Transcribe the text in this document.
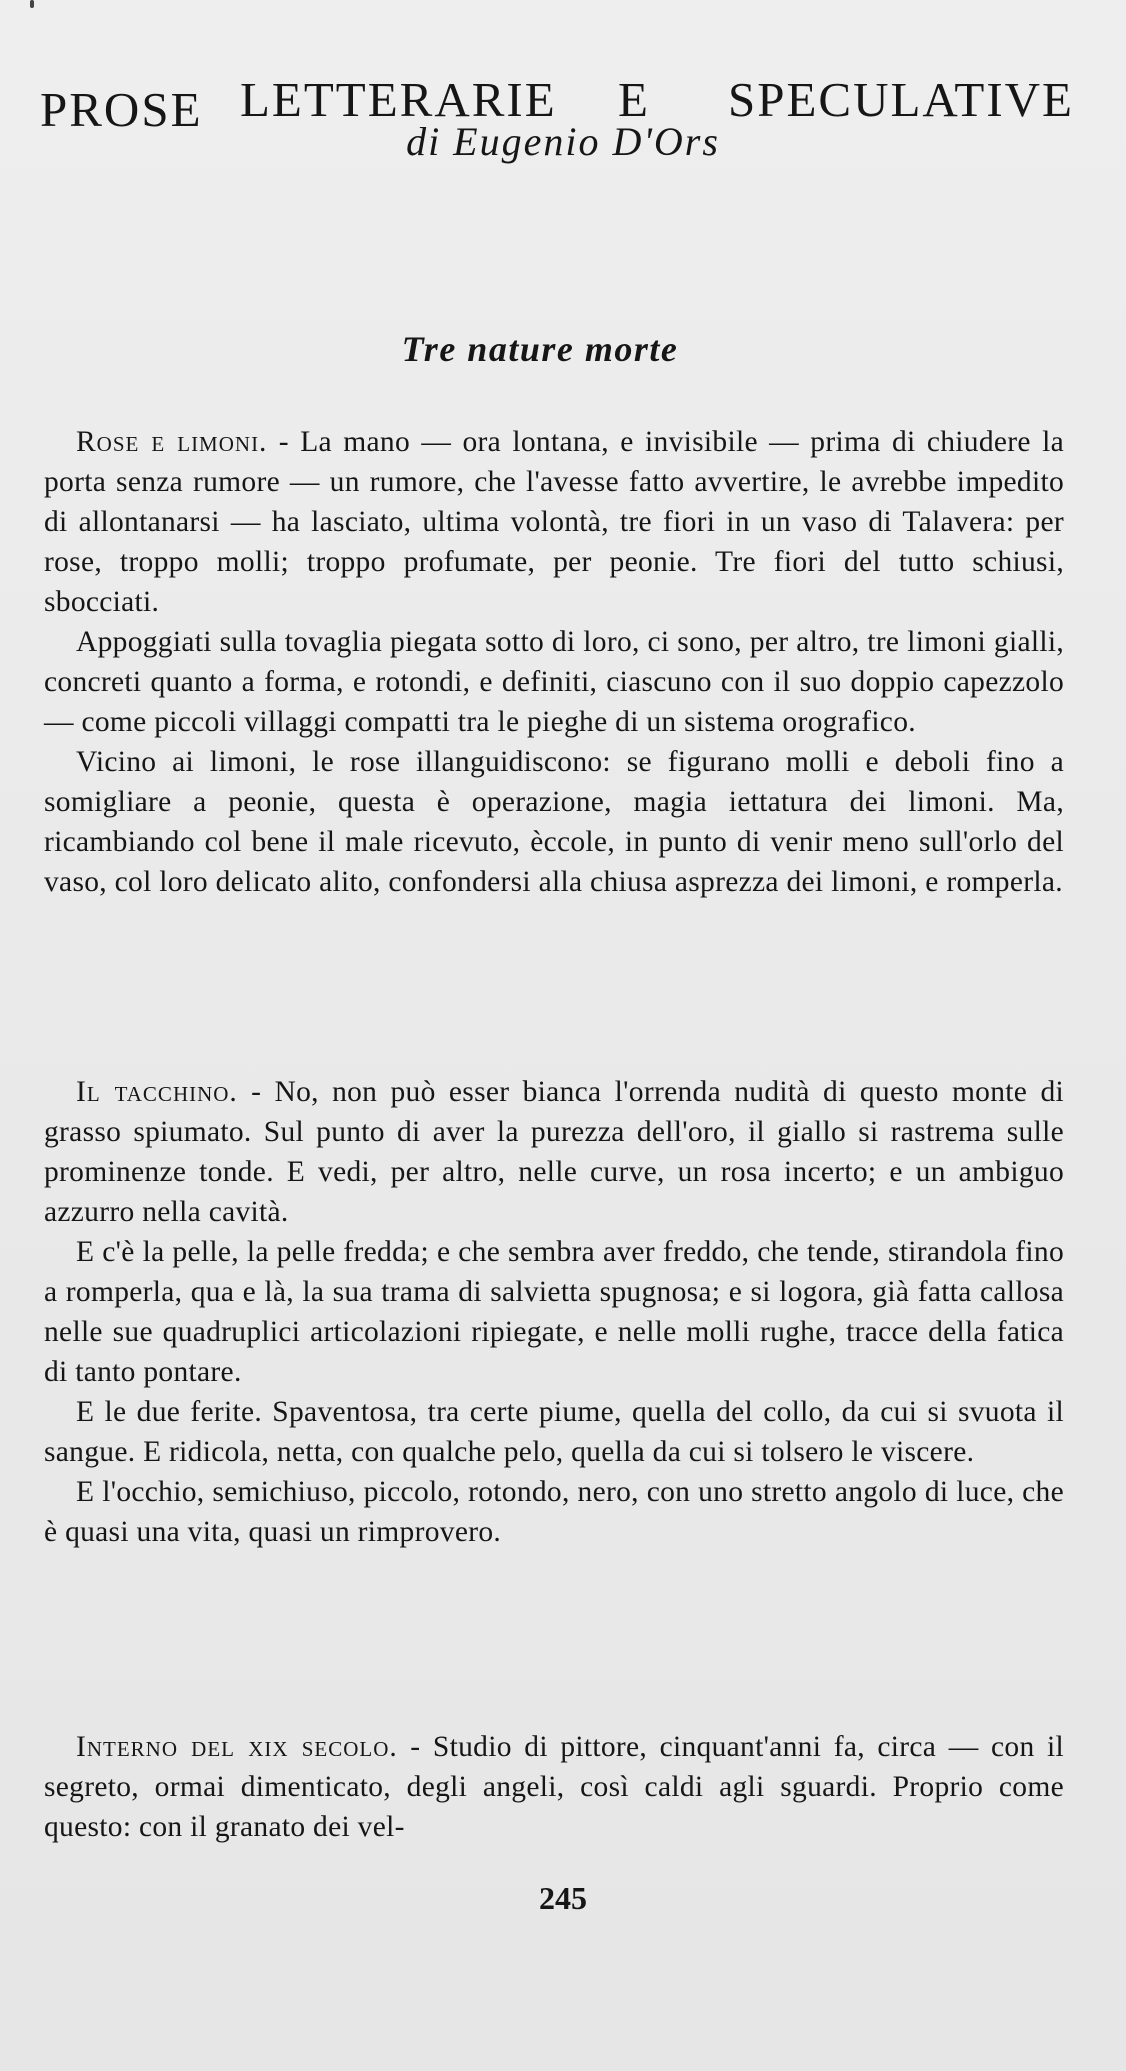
PROSE LETTERARIE E SPECULATIVE
di Eugenio D'Ors
Tre nature morte

Rose e limoni. - La mano — ora lontana, e invisibile — prima di chiudere la porta senza rumore — un rumore, che l'avesse fatto avvertire, le avrebbe impedito di allontanarsi — ha lasciato, ultima volontà, tre fiori in un vaso di Talavera: per rose, troppo molli; troppo profumate, per peonie. Tre fiori del tutto schiusi, sbocciati.

Appoggiati sulla tovaglia piegata sotto di loro, ci sono, per altro, tre limoni gialli, concreti quanto a forma, e rotondi, e definiti, ciascuno con il suo doppio capezzolo — come piccoli villaggi compatti tra le pieghe di un sistema orografico.

Vicino ai limoni, le rose illanguidiscono: se figurano molli e deboli fino a somigliare a peonie, questa è operazione, magia iettatura dei limoni. Ma, ricambiando col bene il male ricevuto, èccole, in punto di venir meno sull'orlo del vaso, col loro delicato alito, confondersi alla chiusa asprezza dei limoni, e romperla.

Il tacchino. - No, non può esser bianca l'orrenda nudità di questo monte di grasso spiumato. Sul punto di aver la purezza dell'oro, il giallo si rastrema sulle prominenze tonde. E vedi, per altro, nelle curve, un rosa incerto; e un ambiguo azzurro nella cavità.

E c'è la pelle, la pelle fredda; e che sembra aver freddo, che tende, stirandola fino a romperla, qua e là, la sua trama di salvietta spugnosa; e si logora, già fatta callosa nelle sue quadruplici articolazioni ripiegate, e nelle molli rughe, tracce della fatica di tanto pontare.

E le due ferite. Spaventosa, tra certe piume, quella del collo, da cui si svuota il sangue. E ridicola, netta, con qualche pelo, quella da cui si tolsero le viscere.

E l'occhio, semichiuso, piccolo, rotondo, nero, con uno stretto angolo di luce, che è quasi una vita, quasi un rimprovero.

Interno del xix secolo. - Studio di pittore, cinquant'anni fa, circa — con il segreto, ormai dimenticato, degli angeli, così caldi agli sguardi. Proprio come questo: con il granato dei vel-

245
